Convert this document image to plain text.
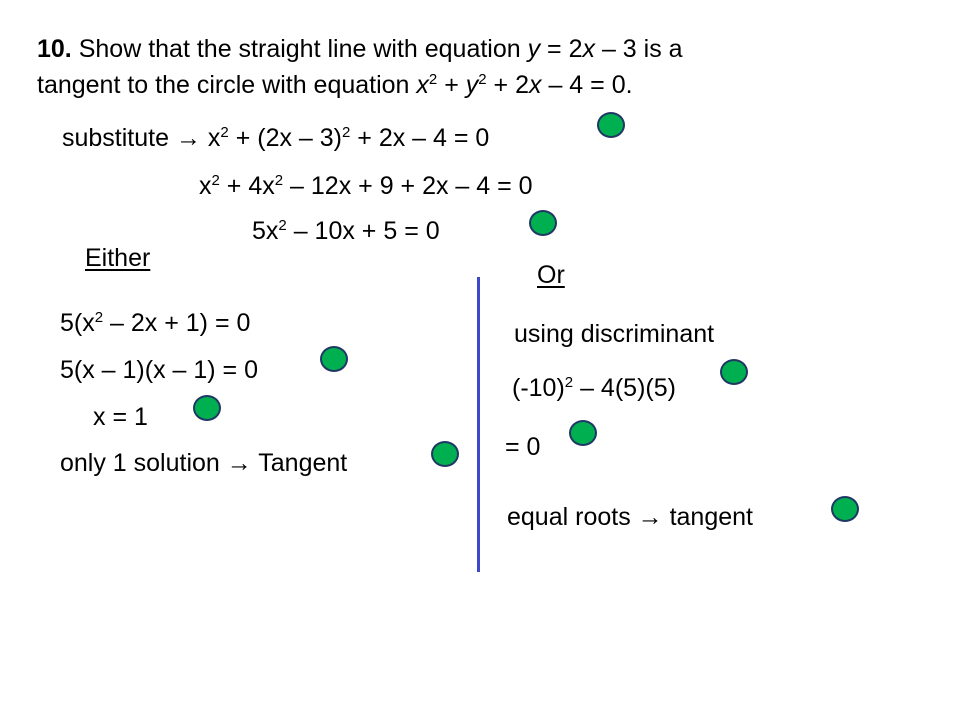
10. Show that the straight line with equation y = 2x – 3 is a
tangent to the circle with equation $x^2 + y^2 + 2x - 4 = 0$.
substitute → $x^2 + (2x - 3)^2 + 2x - 4 = 0$
$x^2 + 4x^2 - 12x + 9 + 2x - 4 = 0$
$5x^2 - 10x + 5 = 0$
Either
$5(x^2 - 2x + 1) = 0$
5(x – 1)(x – 1) = 0
x = 1
only 1 solution → Tangent
Or
using discriminant
$(-10)^2 - 4(5)(5)$
= 0
equal roots → tangent
